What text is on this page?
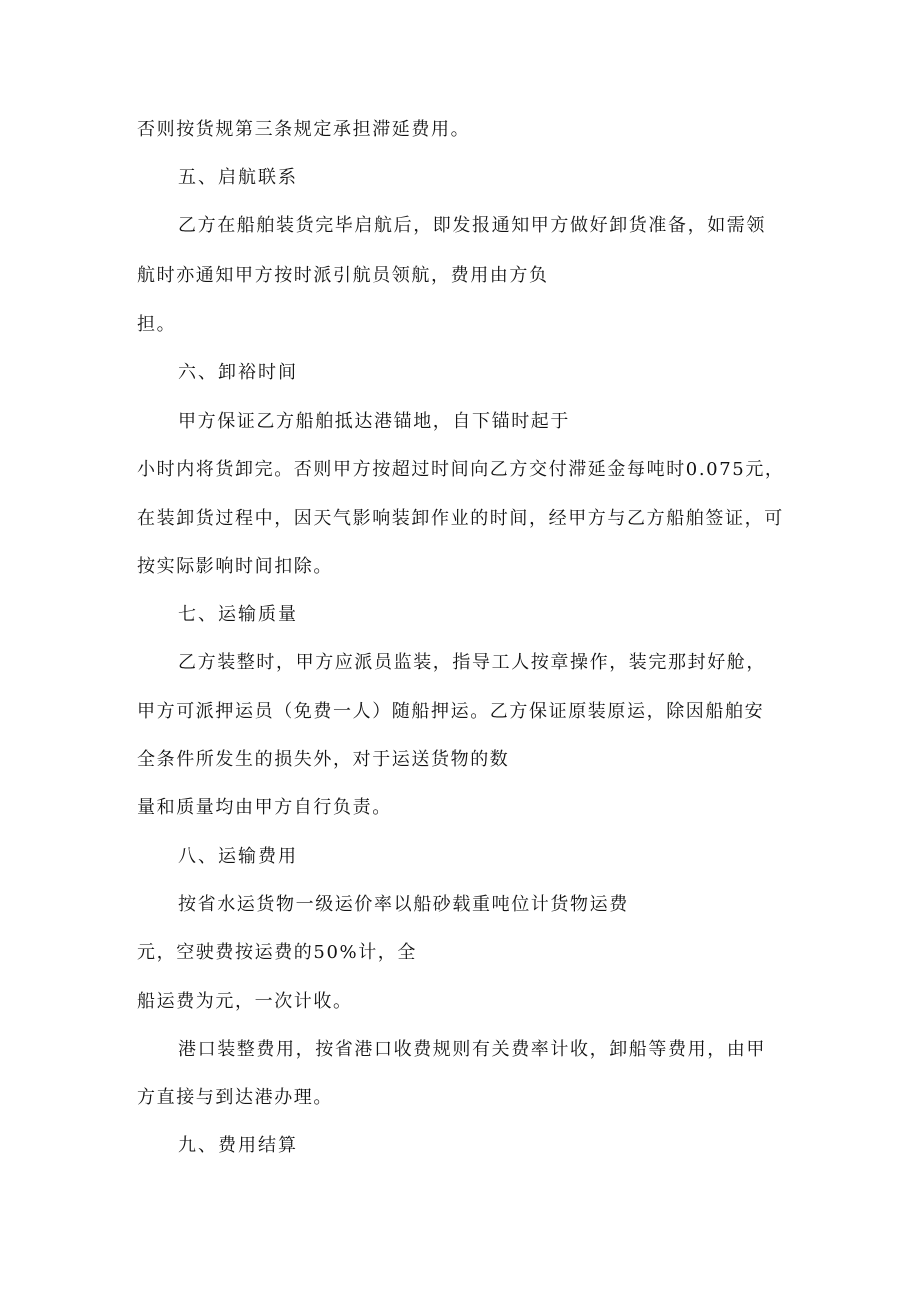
否则按货规第三条规定承担滞延费用。
五、启航联系
乙方在船舶装货完毕启航后，即发报通知甲方做好卸货准备，如需领
航时亦通知甲方按时派引航员领航，费用由方负
担。
六、卸裕时间
甲方保证乙方船舶抵达港锚地，自下锚时起于
小时内将货卸完。否则甲方按超过时间向乙方交付滞延金每吨时0.075元，
在装卸货过程中，因天气影响装卸作业的时间，经甲方与乙方船舶签证，可
按实际影响时间扣除。
七、运输质量
乙方装整时，甲方应派员监装，指导工人按章操作，装完那封好舱，
甲方可派押运员（免费一人）随船押运。乙方保证原装原运，除因船舶安
全条件所发生的损失外，对于运送货物的数
量和质量均由甲方自行负责。
八、运输费用
按省水运货物一级运价率以船砂载重吨位计货物运费
元，空驶费按运费的50%计，全
船运费为元，一次计收。
港口装整费用，按省港口收费规则有关费率计收，卸船等费用，由甲
方直接与到达港办理。
九、费用结算
